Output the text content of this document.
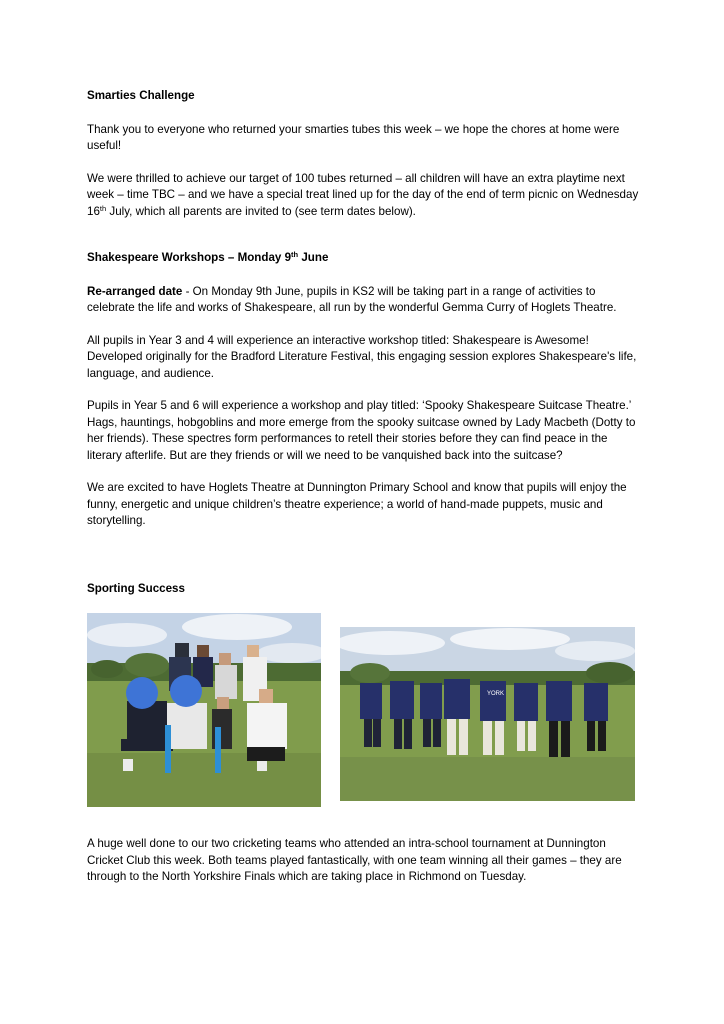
Smarties Challenge

Thank you to everyone who returned your smarties tubes this week – we hope the chores at home were useful!

We were thrilled to achieve our target of 100 tubes returned – all children will have an extra playtime next week – time TBC – and we have a special treat lined up for the day of the end of term picnic on Wednesday 16th July, which all parents are invited to (see term dates below).

Shakespeare Workshops – Monday 9th June

Re-arranged date - On Monday 9th June, pupils in KS2 will be taking part in a range of activities to celebrate the life and works of Shakespeare, all run by the wonderful Gemma Curry of Hoglets Theatre.

All pupils in Year 3 and 4 will experience an interactive workshop titled: Shakespeare is Awesome! Developed originally for the Bradford Literature Festival, this engaging session explores Shakespeare's life, language, and audience.

Pupils in Year 5 and 6 will experience a workshop and play titled: ‘Spooky Shakespeare Suitcase Theatre.’ Hags, hauntings, hobgoblins and more emerge from the spooky suitcase owned by Lady Macbeth (Dotty to her friends). These spectres form performances to retell their stories before they can find peace in the literary afterlife. But are they friends or will we need to be vanquished back into the suitcase?

We are excited to have Hoglets Theatre at Dunnington Primary School and know that pupils will enjoy the funny, energetic and unique children’s theatre experience; a world of hand-made puppets, music and storytelling.

Sporting Success
YORK

A huge well done to our two cricketing teams who attended an intra-school tournament at Dunnington Cricket Club this week. Both teams played fantastically, with one team winning all their games – they are through to the North Yorkshire Finals which are taking place in Richmond on Tuesday.
